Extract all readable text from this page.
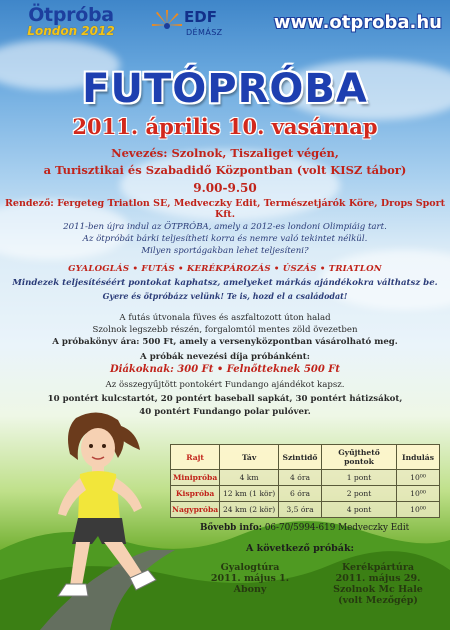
Ötpróba
London 2012
EDF
DÉMÁSZ	www.otproba.hu
FUTÓPRÓBA
2011. április 10. vasárnap
Nevezés: Szolnok, Tiszaliget végén,
a Turisztikai és Szabadidő Központban (volt KISZ tábor)
9.00-9.50
Rendező: Fergeteg Triatlon SE, Medveczky Edit, Természetjárók Köre, Drops Sport Kft.
2011-ben újra indul az ÖTPRÓBA, amely a 2012-es londoni Olimpiáig tart.
Az ötpróbát bárki teljesítheti korra és nemre való tekintet nélkül.
Milyen sportágakban lehet teljesíteni?
GYALOGLÁS • FUTÁS • KERÉKPÁROZÁS • ÚSZÁS • TRIATLON
Mindezek teljesítéséért pontokat kaphatsz, amelyeket márkás ajándékokra válthatsz be.
Gyere és ötpróbázz velünk! Te is, hozd el a családodat!
A futás útvonala füves és aszfaltozott úton halad
Szolnok legszebb részén, forgalomtól mentes zöld övezetben
A próbakönyv ára: 500 Ft, amely a versenyközpontban vásárolható meg.
A próbák nevezési díja próbánként:
Diákoknak: 300 Ft • Felnőtteknek 500 Ft
Az összegyűjtött pontokért Fundango ajándékot kapsz.
10 pontért kulcstartót, 20 pontért baseball sapkát, 30 pontért hátizsákot,
40 pontért Fundango polar pulóver.
Rajt	Táv	Szintidő	Gyűjthető pontok	Indulás
Minipróba	4 km	4 óra	1 pont	10⁰⁰
Kispróba	12 km (1 kör)	6 óra	2 pont	10⁰⁰
Nagypróba	24 km (2 kör)	3,5 óra	4 pont	10⁰⁰
Bővebb info: 06-70/5994-619 Medveczky Edit
A következő próbák:
Gyalogtúra
2011. május 1.
Abony
Kerékpártúra
2011. május 29.
Szolnok Mc Hale
(volt Mezőgép)
